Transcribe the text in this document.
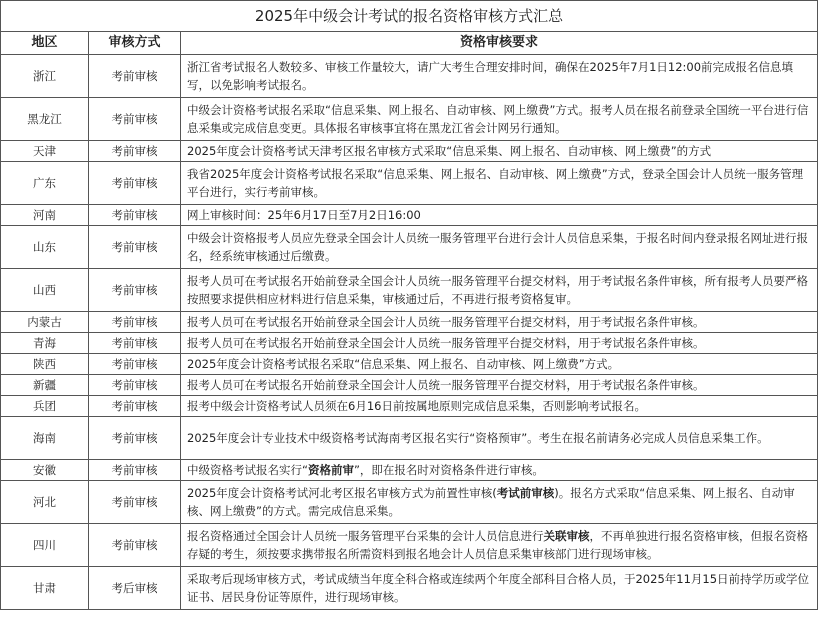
2025年中级会计考试的报名资格审核方式汇总		
地区	审核方式	资格审核要求
浙江	考前审核	浙江省考试报名人数较多、审核工作量较大，请广大考生合理安排时间，确保在2025年7月1日12:00前完成报名信息填写，以免影响考试报名。
黑龙江	考前审核	中级会计资格考试报名采取“信息采集、网上报名、自动审核、网上缴费”方式。报考人员在报名前登录全国统一平台进行信息采集或完成信息变更。具体报名审核事宜将在黑龙江省会计网另行通知。
天津	考前审核	2025年度会计资格考试天津考区报名审核方式采取“信息采集、网上报名、自动审核、网上缴费”的方式
广东	考前审核	我省2025年度会计资格考试报名采取“信息采集、网上报名、自动审核、网上缴费”方式，登录全国会计人员统一服务管理平台进行，实行考前审核。
河南	考前审核	网上审核时间：25年6月17日至7月2日16:00
山东	考前审核	中级会计资格报考人员应先登录全国会计人员统一服务管理平台进行会计人员信息采集，于报名时间内登录报名网址进行报名，经系统审核通过后缴费。
山西	考前审核	报考人员可在考试报名开始前登录全国会计人员统一服务管理平台提交材料，用于考试报名条件审核，所有报考人员要严格按照要求提供相应材料进行信息采集，审核通过后，不再进行报考资格复审。
内蒙古	考前审核	报考人员可在考试报名开始前登录全国会计人员统一服务管理平台提交材料，用于考试报名条件审核。
青海	考前审核	报考人员可在考试报名开始前登录全国会计人员统一服务管理平台提交材料，用于考试报名条件审核。
陕西	考前审核	2025年度会计资格考试报名采取“信息采集、网上报名、自动审核、网上缴费”方式。
新疆	考前审核	报考人员可在考试报名开始前登录全国会计人员统一服务管理平台提交材料，用于考试报名条件审核。
兵团	考前审核	报考中级会计资格考试人员须在6月16日前按属地原则完成信息采集，否则影响考试报名。
海南	考前审核	2025年度会计专业技术中级资格考试海南考区报名实行“资格预审”。考生在报名前请务必完成人员信息采集工作。
安徽	考前审核	中级资格考试报名实行“资格前审”，即在报名时对资格条件进行审核。
河北	考前审核	2025年度会计资格考试河北考区报名审核方式为前置性审核(考试前审核)。报名方式采取“信息采集、网上报名、自动审核、网上缴费”的方式。需完成信息采集。
四川	考前审核	报名资格通过全国会计人员统一服务管理平台采集的会计人员信息进行关联审核，不再单独进行报名资格审核，但报名资格存疑的考生，须按要求携带报名所需资料到报名地会计人员信息采集审核部门进行现场审核。
甘肃	考后审核	采取考后现场审核方式，考试成绩当年度全科合格或连续两个年度全部科目合格人员，于2025年11月15日前持学历或学位证书、居民身份证等原件，进行现场审核。
